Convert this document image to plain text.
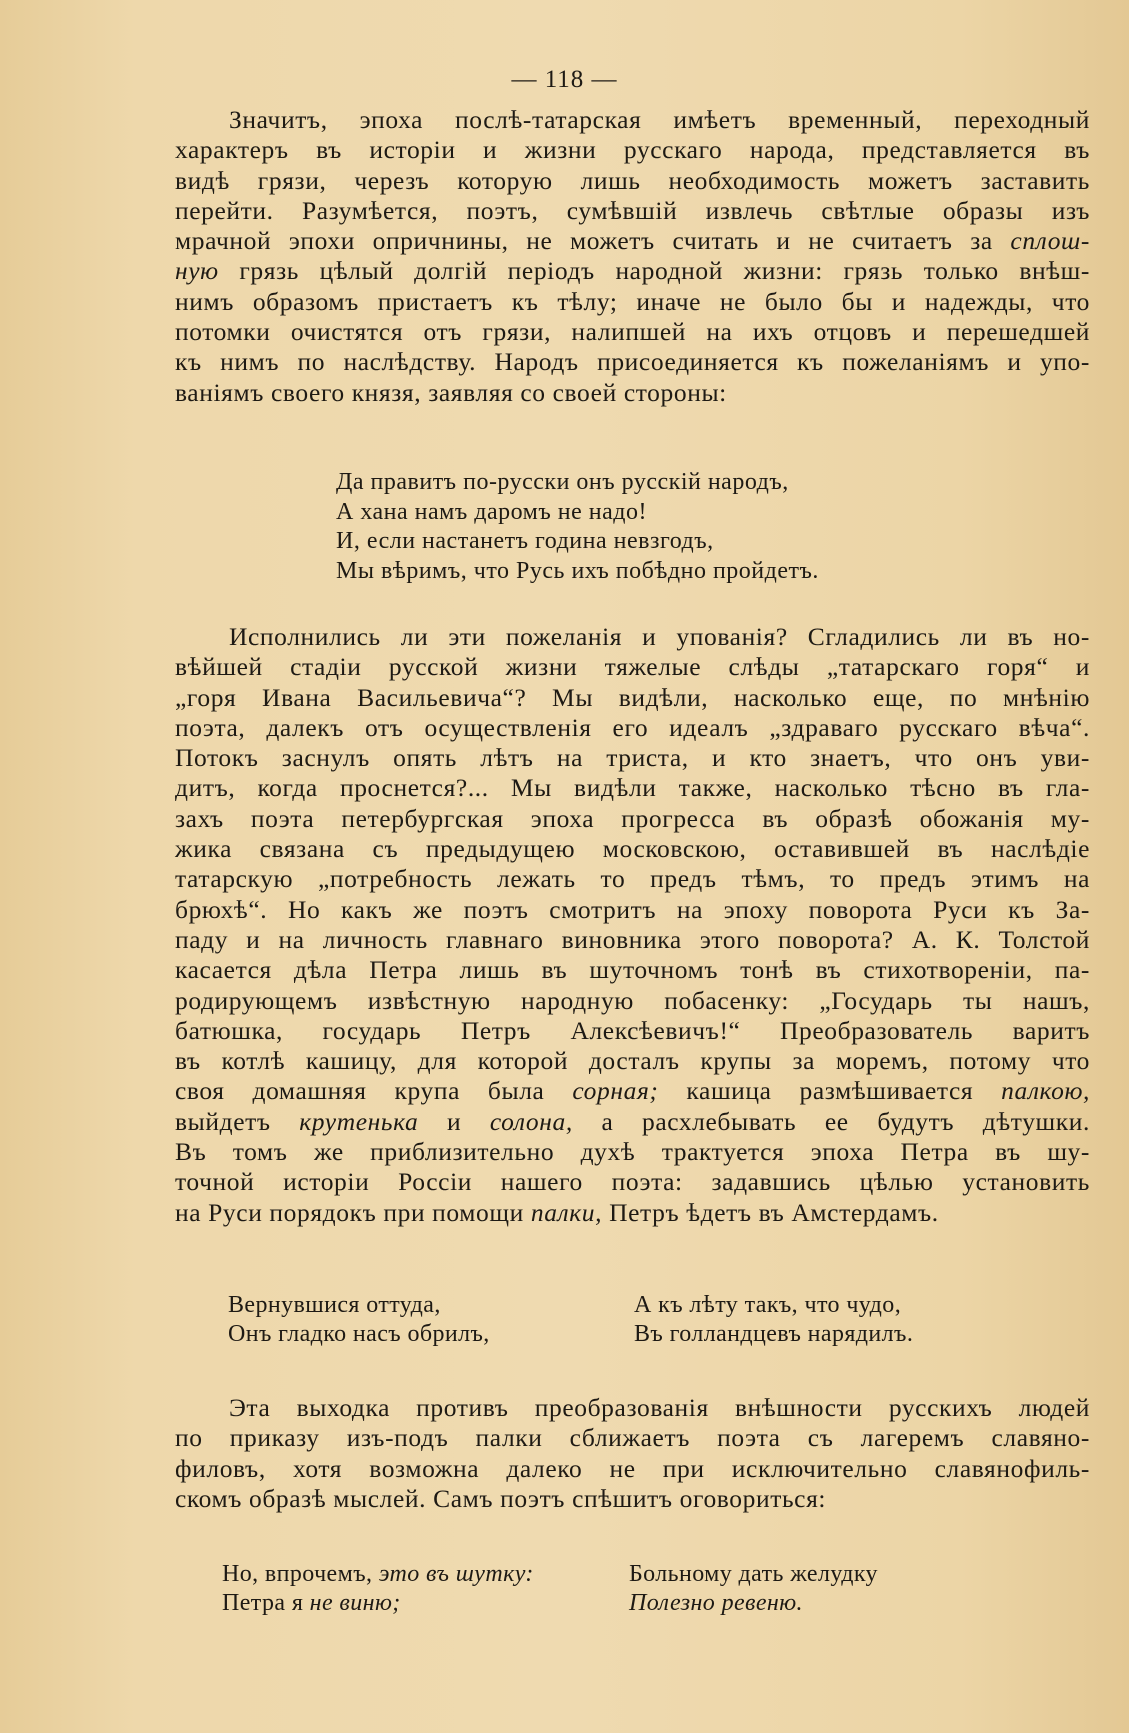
— 118 —

Значитъ, эпоха послѣ-татарская имѣетъ временный, переходный
характеръ въ исторіи и жизни русскаго народа, представляется въ
видѣ грязи, черезъ которую лишь необходимость можетъ заставить
перейти. Разумѣется, поэтъ, сумѣвшій извлечь свѣтлые образы изъ
мрачной эпохи опричнины, не можетъ считать и не считаетъ за сплош-
ную грязь цѣлый долгій періодъ народной жизни: грязь только внѣш-
нимъ образомъ пристаетъ къ тѣлу; иначе не было бы и надежды, что
потомки очистятся отъ грязи, налипшей на ихъ отцовъ и перешедшей
къ нимъ по наслѣдству. Народъ присоединяется къ пожеланіямъ и упо-
ваніямъ своего князя, заявляя со своей стороны:

Да правитъ по-русски онъ русскій народъ,
А хана намъ даромъ не надо!
И, если настанетъ година невзгодъ,
Мы вѣримъ, что Русь ихъ побѣдно пройдетъ.

Исполнились ли эти пожеланія и упованія? Сгладились ли въ но-
вѣйшей стадіи русской жизни тяжелые слѣды „татарскаго горя“ и
„горя Ивана Васильевича“? Мы видѣли, насколько еще, по мнѣнію
поэта, далекъ отъ осуществленія его идеалъ „здраваго русскаго вѣча“.
Потокъ заснулъ опять лѣтъ на триста, и кто знаетъ, что онъ уви-
дитъ, когда проснется?... Мы видѣли также, насколько тѣсно въ гла-
захъ поэта петербургская эпоха прогресса въ образѣ обожанія му-
жика связана съ предыдущею московскою, оставившей въ наслѣдіе
татарскую „потребность лежать то предъ тѣмъ, то предъ этимъ на
брюхѣ“. Но какъ же поэтъ смотритъ на эпоху поворота Руси къ За-
паду и на личность главнаго виновника этого поворота? А. К. Толстой
касается дѣла Петра лишь въ шуточномъ тонѣ въ стихотвореніи, па-
родирующемъ извѣстную народную побасенку: „Государь ты нашъ,
батюшка, государь Петръ Алексѣевичъ!“ Преобразователь варитъ
въ котлѣ кашицу, для которой досталъ крупы за моремъ, потому что
своя домашняя крупа была сорная; кашица размѣшивается палкою,
выйдетъ крутенька и солона, а расхлебывать ее будутъ дѣтушки.
Въ томъ же приблизительно духѣ трактуется эпоха Петра въ шу-
точной исторіи Россіи нашего поэта: задавшись цѣлью установить
на Руси порядокъ при помощи палки, Петръ ѣдетъ въ Амстердамъ.

Вернувшися оттуда,
Онъ гладко насъ обрилъ,
А къ лѣту такъ, что чудо,
Въ голландцевъ нарядилъ.

Эта выходка противъ преобразованія внѣшности русскихъ людей
по приказу изъ-подъ палки сближаетъ поэта съ лагеремъ славяно-
филовъ, хотя возможна далеко не при исключительно славянофиль-
скомъ образѣ мыслей. Самъ поэтъ спѣшитъ оговориться:

Но, впрочемъ, это въ шутку:
Петра я не виню;
Больному дать желудку
Полезно ревеню.
